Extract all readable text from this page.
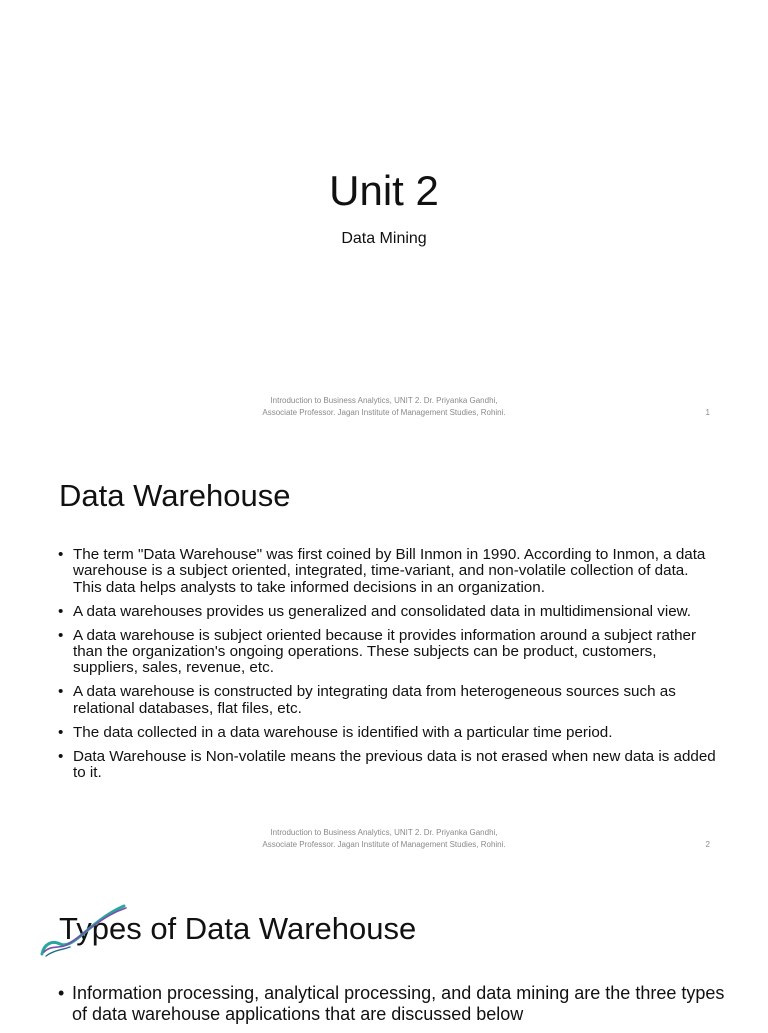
Unit 2

Data Mining

Introduction to Business Analytics, UNIT 2. Dr. Priyanka Gandhi, Associate Professor. Jagan Institute of Management Studies, Rohini.	1
Data Warehouse
• The term "Data Warehouse" was first coined by Bill Inmon in 1990. According to Inmon, a data warehouse is a subject oriented, integrated, time-variant, and non-volatile collection of data. This data helps analysts to take informed decisions in an organization.
• A data warehouses provides us generalized and consolidated data in multidimensional view.
• A data warehouse is subject oriented because it provides information around a subject rather than the organization's ongoing operations. These subjects can be product, customers, suppliers, sales, revenue, etc.
• A data warehouse is constructed by integrating data from heterogeneous sources such as relational databases, flat files, etc.
• The data collected in a data warehouse is identified with a particular time period.
• Data Warehouse is Non-volatile means the previous data is not erased when new data is added to it.

Introduction to Business Analytics, UNIT 2. Dr. Priyanka Gandhi, Associate Professor. Jagan Institute of Management Studies, Rohini.	2
Types of Data Warehouse
• Information processing, analytical processing, and data mining are the three types of data warehouse applications that are discussed below
